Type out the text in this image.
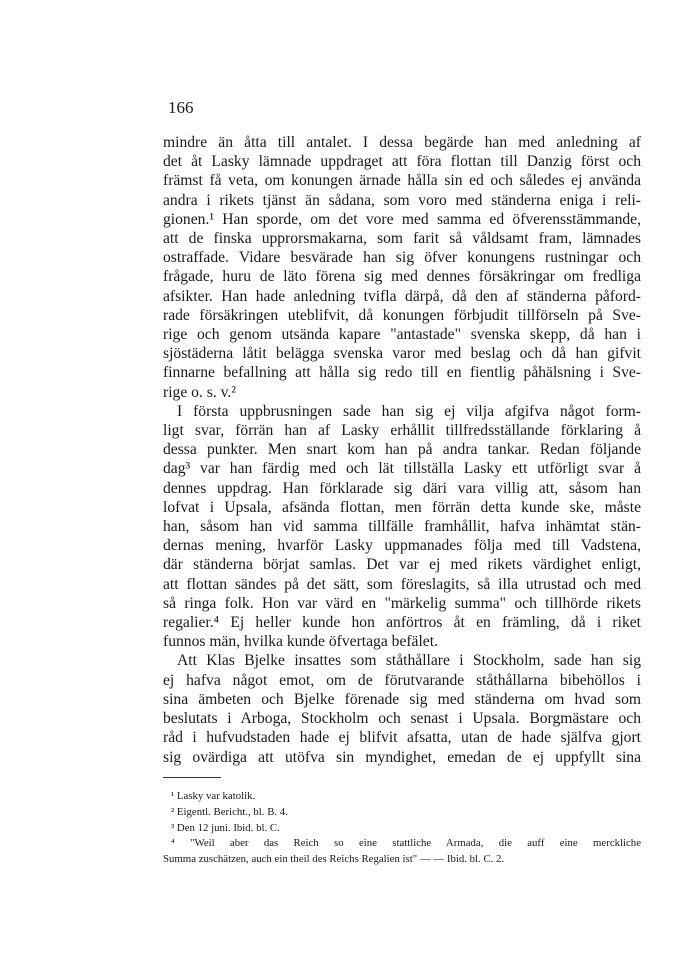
166
mindre än åtta till antalet. I dessa begärde han med anledning af
det åt Lasky lämnade uppdraget att föra flottan till Danzig först och
främst få veta, om konungen ärnade hålla sin ed och således ej använda
andra i rikets tjänst än sådana, som voro med ständerna eniga i reli-
gionen.¹ Han sporde, om det vore med samma ed öfverensstämmande,
att de finska upprorsmakarna, som farit så våldsamt fram, lämnades
ostraffade. Vidare besvärade han sig öfver konungens rustningar och
frågade, huru de läto förena sig med dennes försäkringar om fredliga
afsikter. Han hade anledning tvifla därpå, då den af ständerna påford-
rade försäkringen uteblifvit, då konungen förbjudit tillförseln på Sve-
rige och genom utsända kapare "antastade" svenska skepp, då han i
sjöstäderna låtit belägga svenska varor med beslag och då han gifvit
finnarne befallning att hålla sig redo till en fientlig påhälsning i Sve-
rige o. s. v.²
I första uppbrusningen sade han sig ej vilja afgifva något form-
ligt svar, förrän han af Lasky erhållit tillfredsställande förklaring å
dessa punkter. Men snart kom han på andra tankar. Redan följande
dag³ var han färdig med och lät tillställa Lasky ett utförligt svar å
dennes uppdrag. Han förklarade sig däri vara villig att, såsom han
lofvat i Upsala, afsända flottan, men förrän detta kunde ske, måste
han, såsom han vid samma tillfälle framhållit, hafva inhämtat stän-
dernas mening, hvarför Lasky uppmanades följa med till Vadstena,
där ständerna börjat samlas. Det var ej med rikets värdighet enligt,
att flottan sändes på det sätt, som föreslagits, så illa utrustad och med
så ringa folk. Hon var värd en "märkelig summa" och tillhörde rikets
regalier.⁴ Ej heller kunde hon anförtros åt en främling, då i riket
funnos män, hvilka kunde öfvertaga befälet.
Att Klas Bjelke insattes som ståthållare i Stockholm, sade han sig
ej hafva något emot, om de förutvarande ståthållarna bibehöllos i
sina ämbeten och Bjelke förenade sig med ständerna om hvad som
beslutats i Arboga, Stockholm och senast i Upsala. Borgmästare och
råd i hufvudstaden hade ej blifvit afsatta, utan de hade själfva gjort
sig ovärdiga att utöfva sin myndighet, emedan de ej uppfyllt sina
¹ Lasky var katolik.
² Eigentl. Bericht., bl. B. 4.
³ Den 12 juni. Ibid. bl. C.
⁴ "Weil aber das Reich so eine stattliche Armada, die auff eine merckliche
Summa zuschätzen, auch ein theil des Reichs Regalien ist" — — Ibid. bl. C. 2.
